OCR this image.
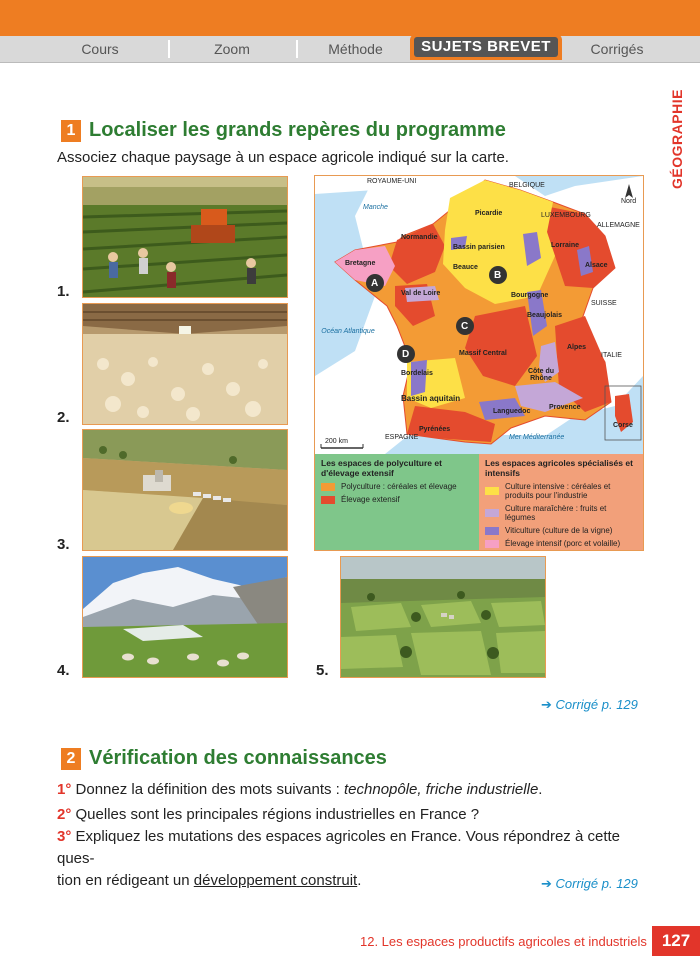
Cours	Zoom	Méthode	Corrigés
SUJETS BREVET
GÉOGRAPHIE
1 Localiser les grands repères du programme
Associez chaque paysage à un espace agricole indiqué sur la carte.
1.
2.
3.
4.	5.
ROYAUME-UNI
BELGIQUE
LUXEMBOURG
ALLEMAGNE
SUISSE
ITALIE
ESPAGNE
Manche
Océan Atlantique
Mer Méditerranée
Nord
Picardie
Normandie
Bassin parisien	Lorraine
Alsace
Bretagne
Beauce
Val de Loire	Bourgogne
Beaujolais
Massif Central
Alpes
Bordelais	Côte du Rhône
Bassin aquitain
Languedoc
Provence
Pyrénées
Corse
200 km
A
B
C
D
Les espaces de polyculture et d'élevage extensif
Polyculture : céréales et élevage
Élevage extensif
Les espaces agricoles spécialisés et intensifs
Culture intensive : céréales et produits pour l'industrie
Culture maraîchère : fruits et légumes
Viticulture (culture de la vigne)
Élevage intensif (porc et volaille)
➔ Corrigé p. 129
2 Vérification des connaissances
1° Donnez la définition des mots suivants : technopôle, friche industrielle.
2° Quelles sont les principales régions industrielles en France ?
3° Expliquez les mutations des espaces agricoles en France. Vous répondrez à cette ques-
tion en rédigeant un développement construit.	➔ Corrigé p. 129
12. Les espaces productifs agricoles et industriels 127
